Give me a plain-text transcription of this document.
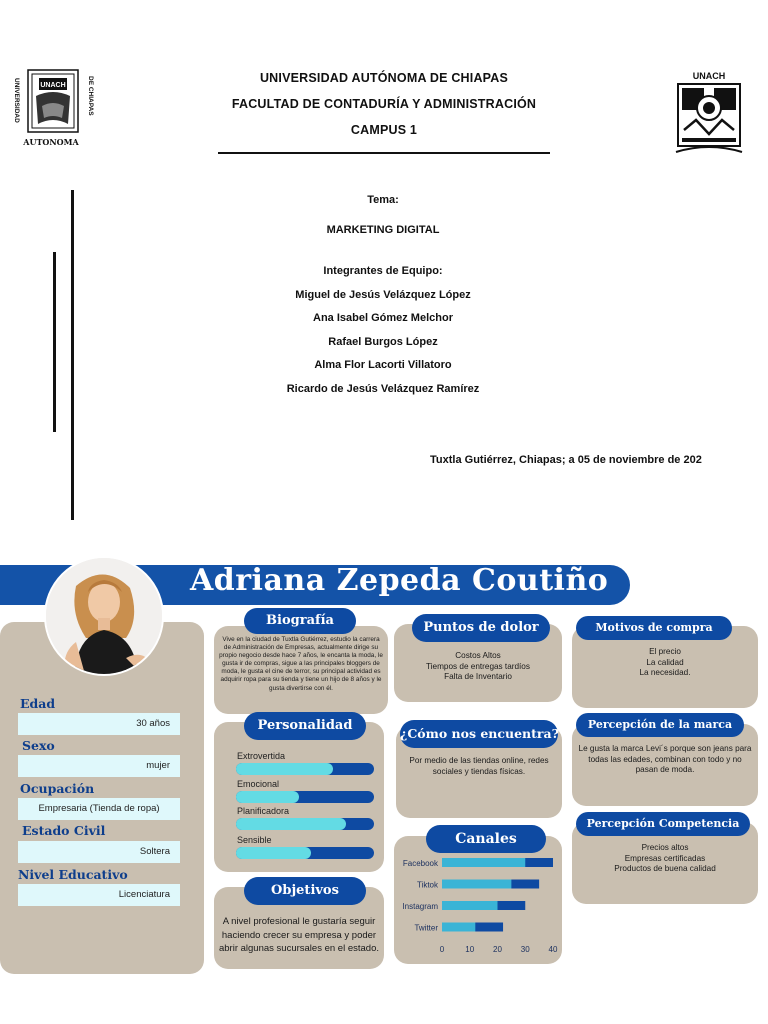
UNACH
UNIVERSIDAD	DE CHIAPAS
AUTONOMA
UNACH
UNIVERSIDAD AUTÓNOMA DE CHIAPAS
FACULTAD DE CONTADURÍA Y ADMINISTRACIÓN
CAMPUS 1
Tema:
MARKETING DIGITAL
Integrantes de Equipo:
Miguel de Jesús Velázquez López
Ana Isabel Gómez Melchor
Rafael Burgos López
Alma Flor Lacorti Villatoro
Ricardo de Jesús Velázquez Ramírez
Tuxtla Gutiérrez, Chiapas; a 05 de noviembre de 202
Adriana Zepeda Coutiño
Edad
30 años
Sexo
mujer
Ocupación
Empresaria (Tienda de ropa)
Estado Civil
Soltera
Nivel Educativo
Licenciatura
Biografía
Vive en la ciudad de Tuxtla Gutiérrez, estudio la carrera de Administración de Empresas, actualmente dirige su propio negocio desde hace 7 años, le encanta la moda, le gusta ir de compras, sigue a las principales bloggers de moda, le gusta el cine de terror, su principal actividad es adquirir ropa para su tienda y tiene un hijo de 8 años y le gusta divertirse con él.
Personalidad
Extrovertida
Emocional
Planificadora
Sensible
Objetivos
A nivel profesional le gustaría seguir haciendo crecer su empresa y poder abrir algunas sucursales en el estado.
Puntos de dolor
Costos Altos
Tiempos de entregas tardíos
Falta de Inventario
¿Cómo nos encuentra?
Por medio de las tiendas online, redes sociales y tiendas físicas.
Canales
Facebook
Tiktok
Instagram
Twitter
0	10 20 30 40
Motivos de compra
El precio
La calidad
La necesidad.
Percepción de la marca
Le gusta la marca Levi´s porque son jeans para todas las edades, combinan con todo y no pasan de moda.
Percepción Competencia
Precios altos
Empresas certificadas
Productos de buena calidad
